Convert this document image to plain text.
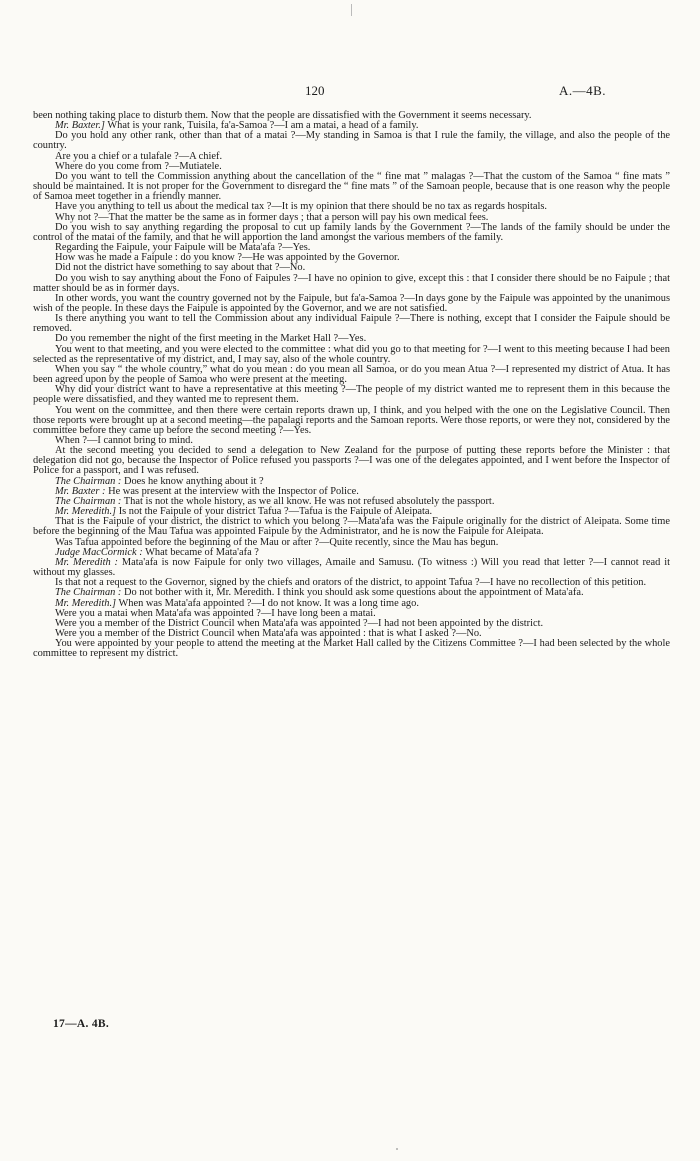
120	A.—4B.

been nothing taking place to disturb them. Now that the people are dissatisfied with the Government it seems necessary.

Mr. Baxter.] What is your rank, Tuisila, fa'a-Samoa ?—I am a matai, a head of a family.

Do you hold any other rank, other than that of a matai ?—My standing in Samoa is that I rule the family, the village, and also the people of the country.

Are you a chief or a tulafale ?—A chief.

Where do you come from ?—Mutiatele.

Do you want to tell the Commission anything about the cancellation of the “ fine mat ” malagas ?—That the custom of the Samoa “ fine mats ” should be maintained. It is not proper for the Government to disregard the “ fine mats ” of the Samoan people, because that is one reason why the people of Samoa meet together in a friendly manner.

Have you anything to tell us about the medical tax ?—It is my opinion that there should be no tax as regards hospitals.

Why not ?—That the matter be the same as in former days ; that a person will pay his own medical fees.

Do you wish to say anything regarding the proposal to cut up family lands by the Government ?—The lands of the family should be under the control of the matai of the family, and that he will apportion the land amongst the various members of the family.

Regarding the Faipule, your Faipule will be Mata'afa ?—Yes.

How was he made a Faipule : do you know ?—He was appointed by the Governor.

Did not the district have something to say about that ?—No.

Do you wish to say anything about the Fono of Faipules ?—I have no opinion to give, except this : that I consider there should be no Faipule ; that matter should be as in former days.

In other words, you want the country governed not by the Faipule, but fa'a-Samoa ?—In days gone by the Faipule was appointed by the unanimous wish of the people. In these days the Faipule is appointed by the Governor, and we are not satisfied.

Is there anything you want to tell the Commission about any individual Faipule ?—There is nothing, except that I consider the Faipule should be removed.

Do you remember the night of the first meeting in the Market Hall ?—Yes.

You went to that meeting, and you were elected to the committee : what did you go to that meeting for ?—I went to this meeting because I had been selected as the representative of my district, and, I may say, also of the whole country.

When you say “ the whole country,” what do you mean : do you mean all Samoa, or do you mean Atua ?—I represented my district of Atua. It has been agreed upon by the people of Samoa who were present at the meeting.

Why did your district want to have a representative at this meeting ?—The people of my district wanted me to represent them in this because the people were dissatisfied, and they wanted me to represent them.

You went on the committee, and then there were certain reports drawn up, I think, and you helped with the one on the Legislative Council. Then those reports were brought up at a second meeting—the papalagi reports and the Samoan reports. Were those reports, or were they not, considered by the committee before they came up before the second meeting ?—Yes.

When ?—I cannot bring to mind.

At the second meeting you decided to send a delegation to New Zealand for the purpose of putting these reports before the Minister : that delegation did not go, because the Inspector of Police refused you passports ?—I was one of the delegates appointed, and I went before the Inspector of Police for a passport, and I was refused.

The Chairman : Does he know anything about it ?

Mr. Baxter : He was present at the interview with the Inspector of Police.

The Chairman : That is not the whole history, as we all know. He was not refused absolutely the passport.

Mr. Meredith.] Is not the Faipule of your district Tafua ?—Tafua is the Faipule of Aleipata.

That is the Faipule of your district, the district to which you belong ?—Mata'afa was the Faipule originally for the district of Aleipata. Some time before the beginning of the Mau Tafua was appointed Faipule by the Administrator, and he is now the Faipule for Aleipata.

Was Tafua appointed before the beginning of the Mau or after ?—Quite recently, since the Mau has begun.

Judge MacCormick : What became of Mata'afa ?

Mr. Meredith : Mata'afa is now Faipule for only two villages, Amaile and Samusu. (To witness :) Will you read that letter ?—I cannot read it without my glasses.

Is that not a request to the Governor, signed by the chiefs and orators of the district, to appoint Tafua ?—I have no recollection of this petition.

The Chairman : Do not bother with it, Mr. Meredith. I think you should ask some questions about the appointment of Mata'afa.

Mr. Meredith.] When was Mata'afa appointed ?—I do not know. It was a long time ago.

Were you a matai when Mata'afa was appointed ?—I have long been a matai.

Were you a member of the District Council when Mata'afa was appointed ?—I had not been appointed by the district.

Were you a member of the District Council when Mata'afa was appointed : that is what I asked ?—No.

You were appointed by your people to attend the meeting at the Market Hall called by the Citizens Committee ?—I had been selected by the whole committee to represent my district.

17—A. 4B.
